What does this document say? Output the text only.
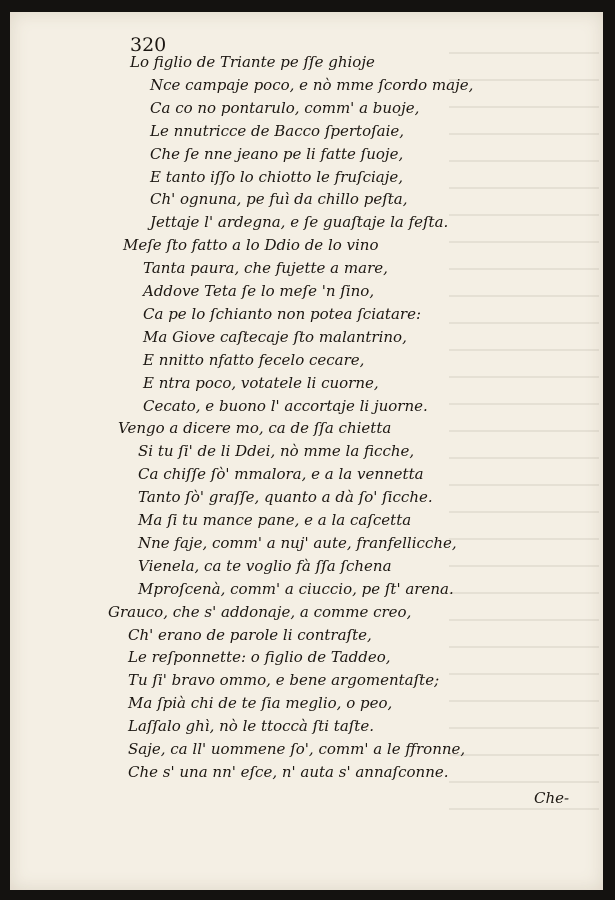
320
Lo figlio de Triante pe ſſe ghioje
Nce campaje poco, e nò mme ſcordo maje,
Ca co no pontarulo, comm' a buoje,
Le nnutricce de Bacco ſpertoſaie,
Che ſe nne jeano pe li fatte ſuoje,
E tanto iſſo lo chiotto le fruſciaje,
Ch' ognuna, pe fuì da chillo peſta,
Jettaje l' ardegna, e ſe guaſtaje la feſta.
Meſe ſto fatto a lo Ddio de lo vino
Tanta paura, che fujette a mare,
Addove Teta ſe lo meſe 'n ſino,
Ca pe lo ſchianto non potea ſciatare:
Ma Giove caſtecaje ſto malantrino,
E nnitto nfatto fecelo cecare,
E ntra poco, votatele li cuorne,
Cecato, e buono l' accortaje li juorne.
Vengo a dicere mo, ca de ſſa chietta
Si tu ſi' de li Ddei, nò mme la ficche,
Ca chiſſe ſò' mmalora, e a la vennetta
Tanto ſò' graſſe, quanto a dà ſo' ſicche.
Ma ſi tu mance pane, e a la caſcetta
Nne faje, comm' a nuj' aute, franfellicche,
Vienela, ca te voglio fà ſſa ſchena
Mproſcenà, comm' a ciuccio, pe ſt' arena.
Grauco, che s' addonaje, a comme creo,
Ch' erano de parole li contraſte,
Le reſponnette: o figlio de Taddeo,
Tu ſi' bravo ommo, e bene argomentaſte;
Ma ſpià chi de te ſia meglio, o peo,
Laſſalo ghì, nò le ttoccà ſti taſte.
Saje, ca ll' uommene ſo', comm' a le ffronne,
Che s' una nn' eſce, n' auta s' annaſconne.
Che-
